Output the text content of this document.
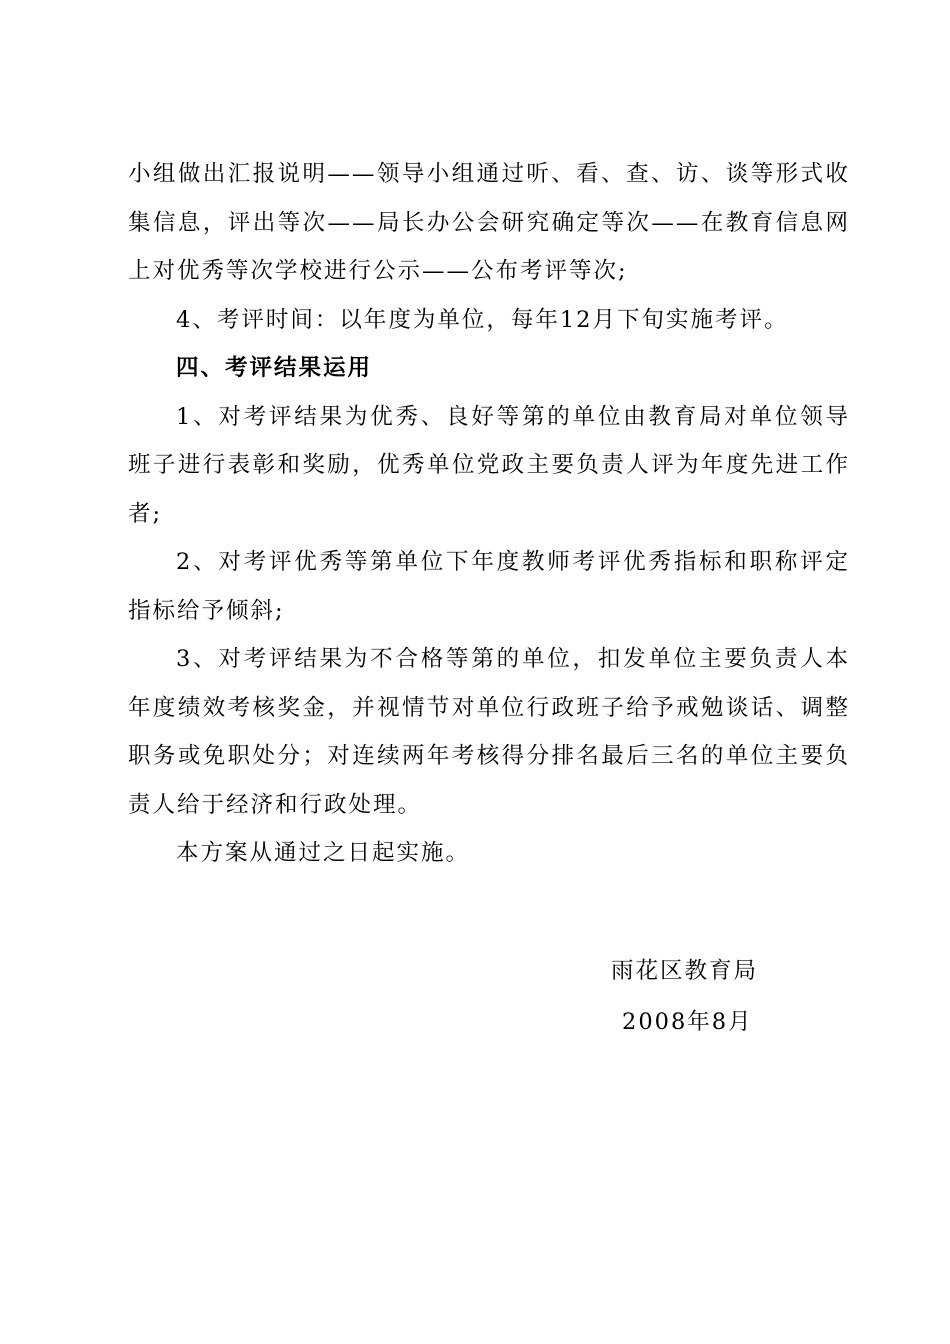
小组做出汇报说明——领导小组通过听、看、查、访、谈等形式收集信息，评出等次——局长办公会研究确定等次——在教育信息网上对优秀等次学校进行公示——公布考评等次;

4、考评时间：以年度为单位，每年12月下旬实施考评。

四、考评结果运用

1、对考评结果为优秀、良好等第的单位由教育局对单位领导班子进行表彰和奖励，优秀单位党政主要负责人评为年度先进工作者;

2、对考评优秀等第单位下年度教师考评优秀指标和职称评定指标给予倾斜;

3、对考评结果为不合格等第的单位，扣发单位主要负责人本年度绩效考核奖金，并视情节对单位行政班子给予戒勉谈话、调整职务或免职处分；对连续两年考核得分排名最后三名的单位主要负责人给于经济和行政处理。

本方案从通过之日起实施。

雨花区教育局
2008年8月
